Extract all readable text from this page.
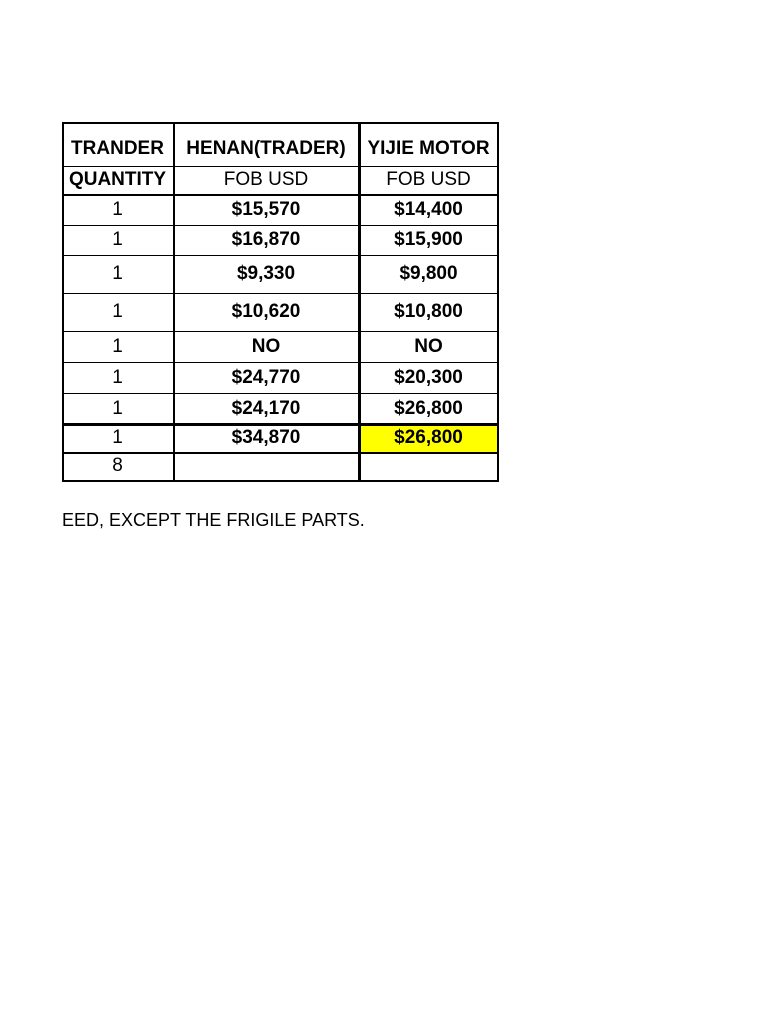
TRANDER	HENAN(TRADER)	YIJIE MOTOR
QUANTITY	FOB USD	FOB USD
1	$15,570	$14,400
1	$16,870	$15,900
1	$9,330	$9,800
1	$10,620	$10,800
1	NO	NO
1	$24,770	$20,300
1	$24,170	$26,800
1	$34,870	$26,800
8
EED, EXCEPT THE FRIGILE PARTS.
